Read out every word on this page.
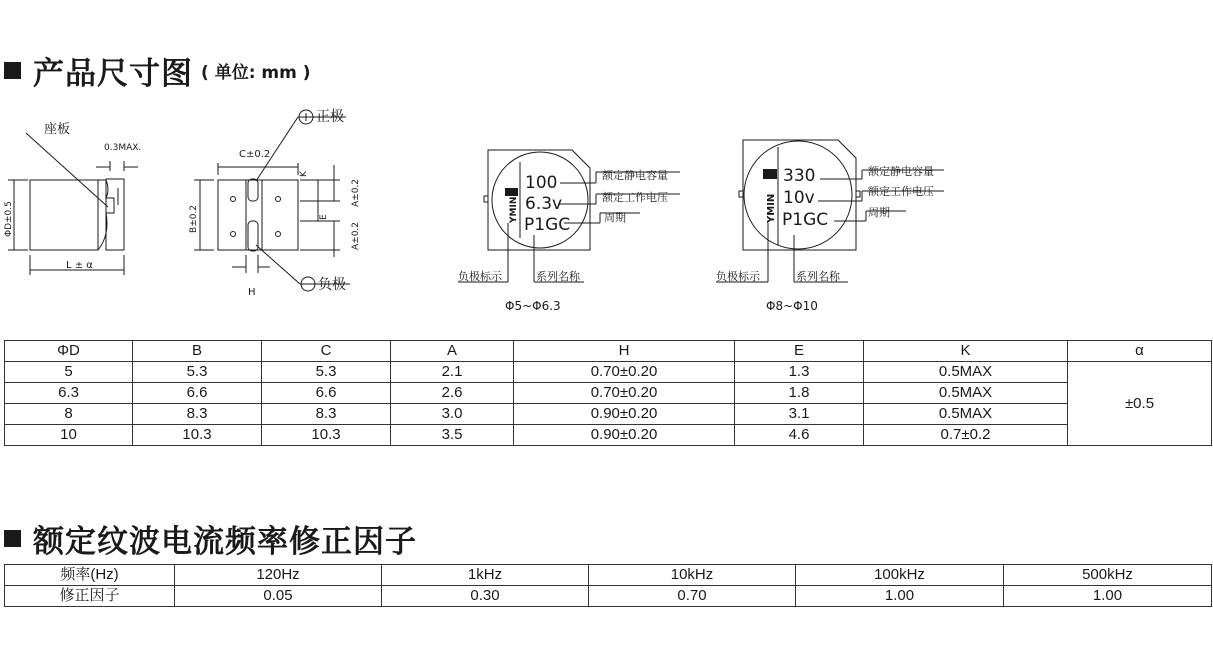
产品尺寸图 ( 单位: mm )
座板
0.3MAX.
ΦD±0.5
L ± α
C±0.2
B±0.2
K
E
A±0.2
A±0.2
H
正极
负极
100
6.3v
P1GC
YMIN
额定静电容量
额定工作电压
周期
负极标示	系列名称
Φ5~Φ6.3
330
10v
P1GC
YMIN
额定静电容量
额定工作电压
周期
负极标示	系列名称
Φ8~Φ10
ΦD	B	C	A	H	E	K	α
5	5.3	5.3	2.1	0.70±0.20	1.3	0.5MAX	±0.5
6.3	6.6	6.6	2.6	0.70±0.20	1.8	0.5MAX	
8	8.3	8.3	3.0	0.90±0.20	3.1	0.5MAX	
10	10.3	10.3	3.5	0.90±0.20	4.6	0.7±0.2	
额定纹波电流频率修正因子
频率(Hz)	120Hz	1kHz	10kHz	100kHz	500kHz
修正因子	0.05	0.30	0.70	1.00	1.00
